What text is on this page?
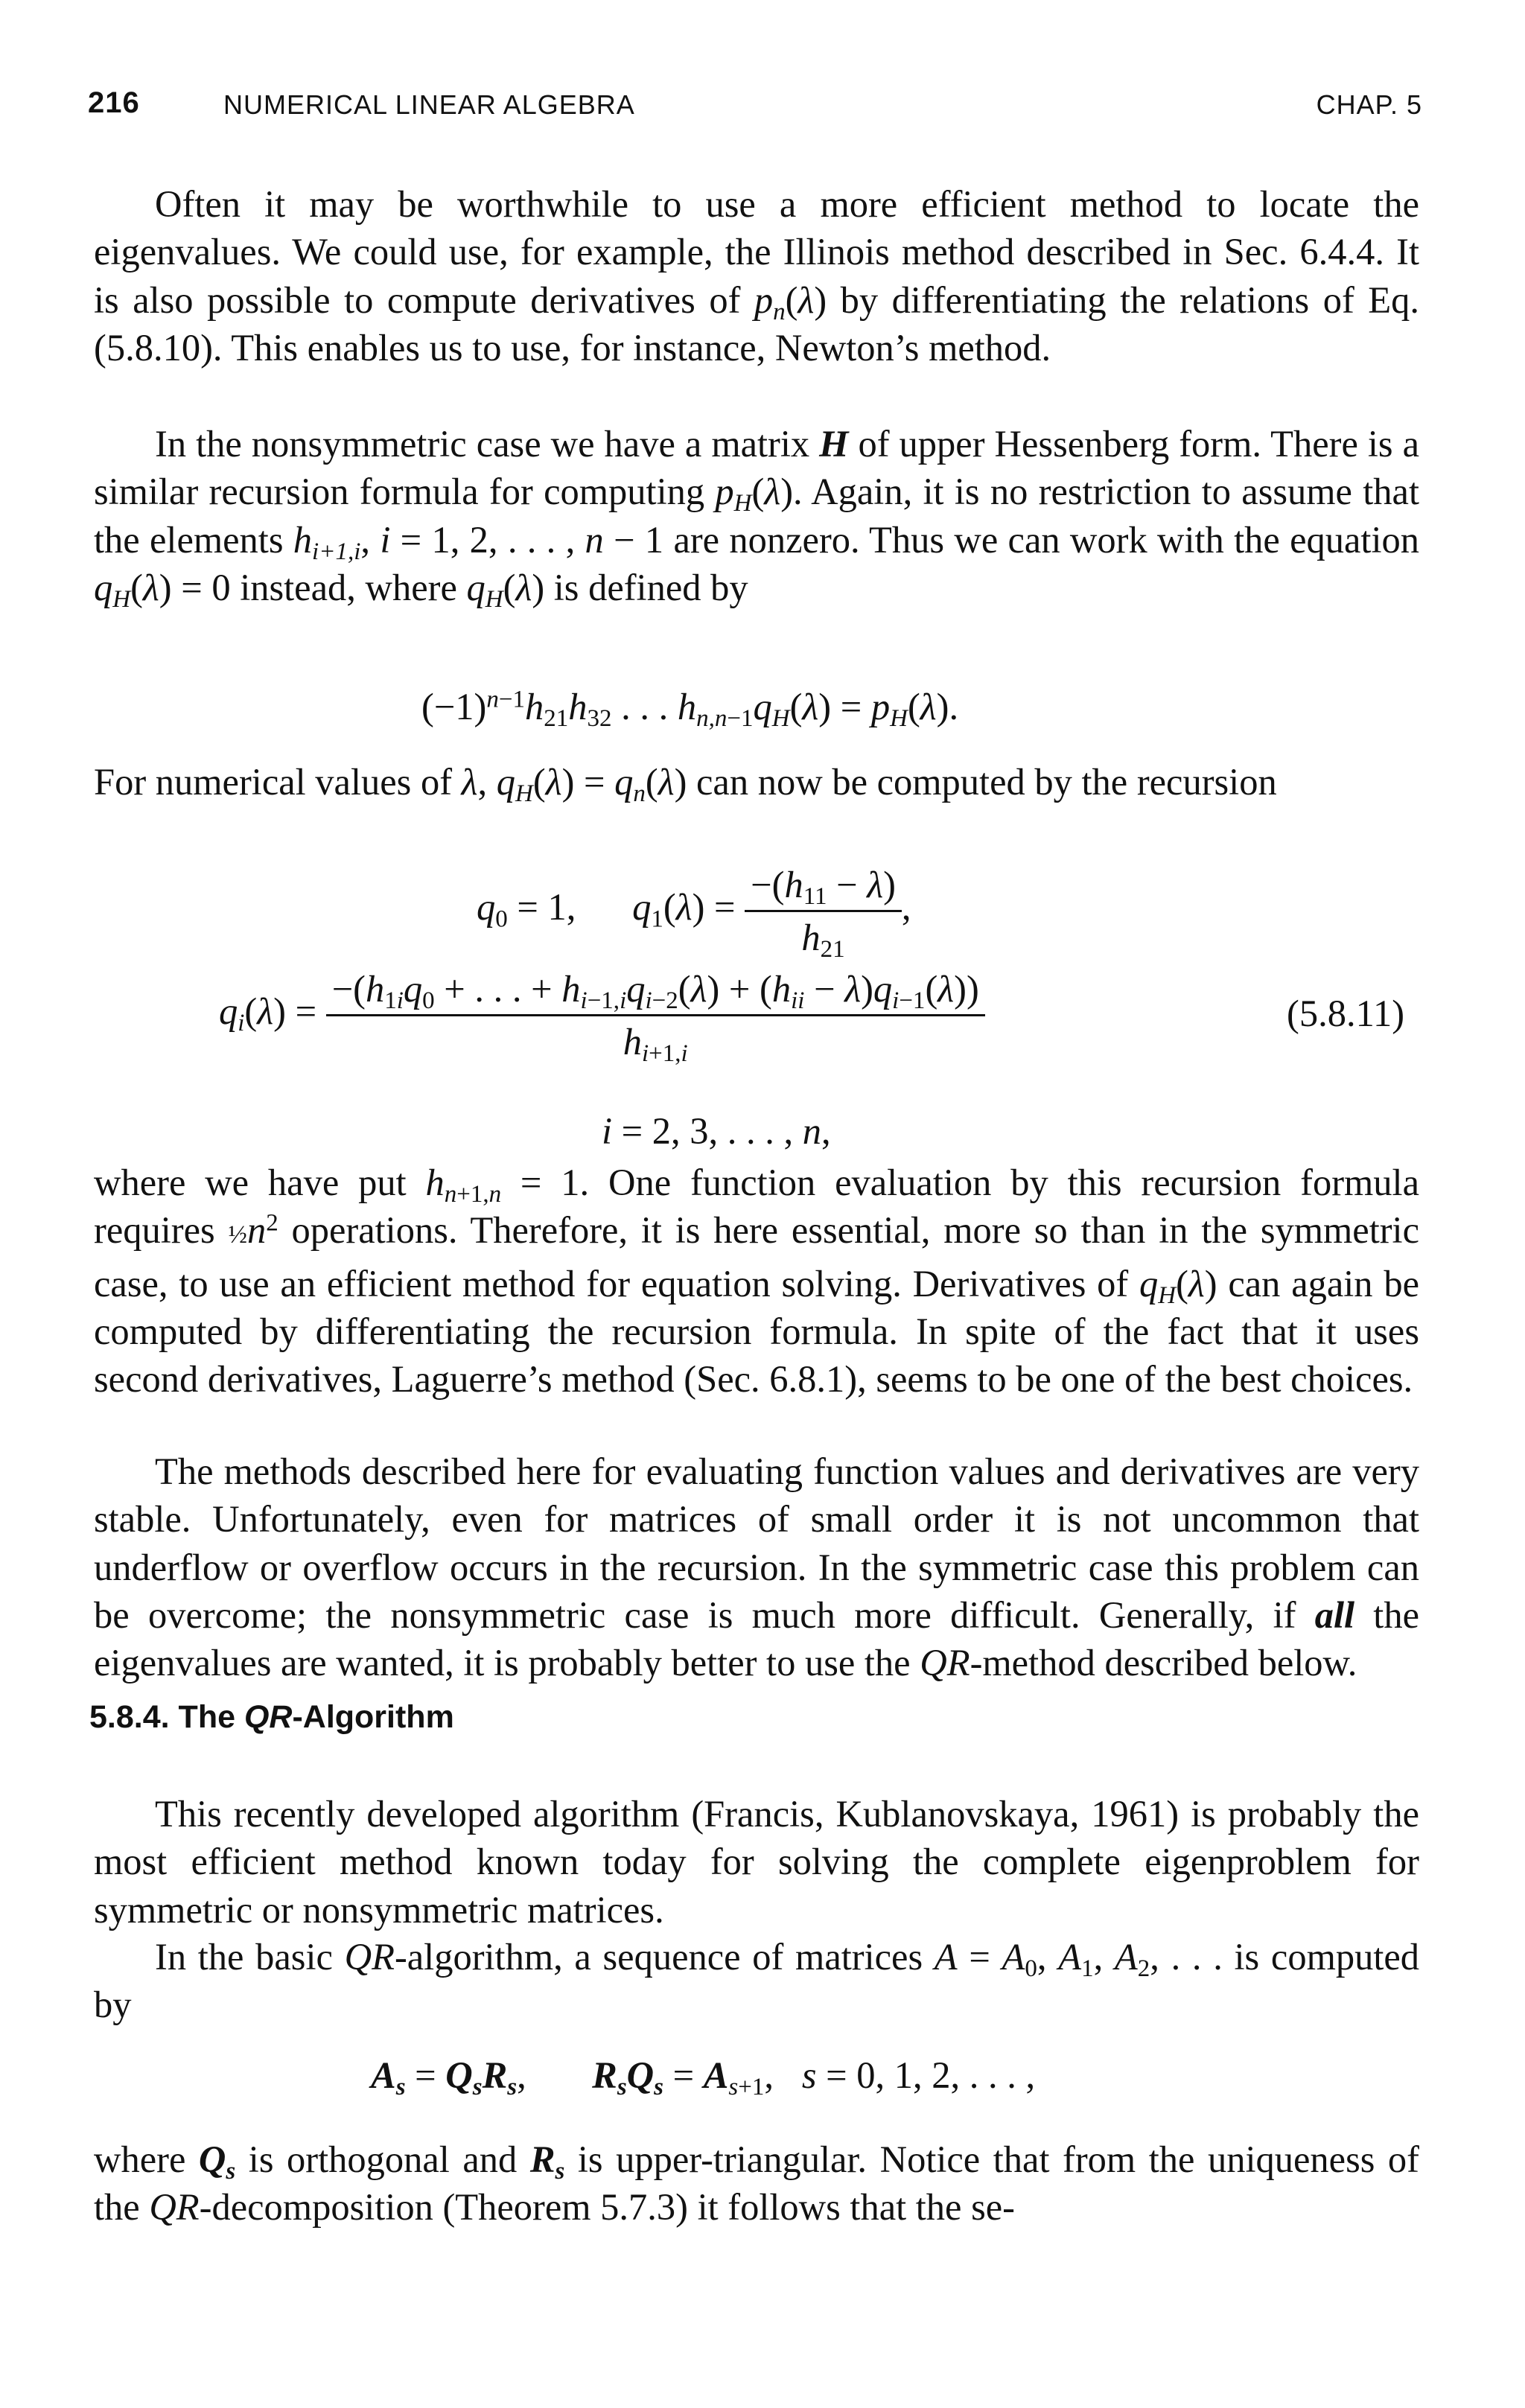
216	NUMERICAL LINEAR ALGEBRA	CHAP. 5

Often it may be worthwhile to use a more efficient method to locate the eigenvalues. We could use, for example, the Illinois method described in Sec. 6.4.4. It is also possible to compute derivatives of $p_n(\lambda)$ by differentiating the relations of Eq. (5.8.10). This enables us to use, for instance, Newton’s method.

In the nonsymmetric case we have a matrix H of upper Hessenberg form. There is a similar recursion formula for computing $p_H(\lambda)$. Again, it is no restriction to assume that the elements $h_{i+1,i}$, i = 1, 2, . . . , n − 1 are nonzero. Thus we can work with the equation $q_H(\lambda) = 0$ instead, where $q_H(\lambda)$ is defined by

$(-1)^{n-1}h_{21}h_{32}$ . . . $h_{n,n-1}q_H(\lambda) = p_H(\lambda)$.

For numerical values of λ, $q_H(\lambda) = q_n(\lambda)$ can now be computed by the recursion

$q_0 = 1$,      $q_1(\lambda) = \frac{-(h_{11} - \lambda)}{h_{21}}$ ,
$q_i(\lambda) = \frac{-(h_{1i}q_0 + . . . + h_{i-1,i}q_{i-2}(\lambda) + (h_{ii} - \lambda)q_{i-1}(\lambda))}{h_{i+1,i}}$	(5.8.11)
i = 2, 3, . . . , n,

where we have put $h_{n+1,n} = 1$. One function evaluation by this recursion formula requires $\frac{1}{2}n^2$ operations. Therefore, it is here essential, more so than in the symmetric case, to use an efficient method for equation solving. Derivatives of $q_H(\lambda)$ can again be computed by differentiating the recursion formula. In spite of the fact that it uses second derivatives, Laguerre’s method (Sec. 6.8.1), seems to be one of the best choices.

The methods described here for evaluating function values and derivatives are very stable. Unfortunately, even for matrices of small order it is not uncommon that underflow or overflow occurs in the recursion. In the symmetric case this problem can be overcome; the nonsymmetric case is much more difficult. Generally, if all the eigenvalues are wanted, it is probably better to use the QR-method described below.

5.8.4. The QR-Algorithm

This recently developed algorithm (Francis, Kublanovskaya, 1961) is probably the most efficient method known today for solving the complete eigenproblem for symmetric or nonsymmetric matrices.

In the basic QR-algorithm, a sequence of matrices $A = A_0$, $A_1$, $A_2$, . . . is computed by

$A_s = Q_sR_s$,       $R_sQ_s = A_{s+1}$,   s = 0, 1, 2, . . . ,

where $Q_s$ is orthogonal and $R_s$ is upper-triangular. Notice that from the uniqueness of the QR-decomposition (Theorem 5.7.3) it follows that the se-
